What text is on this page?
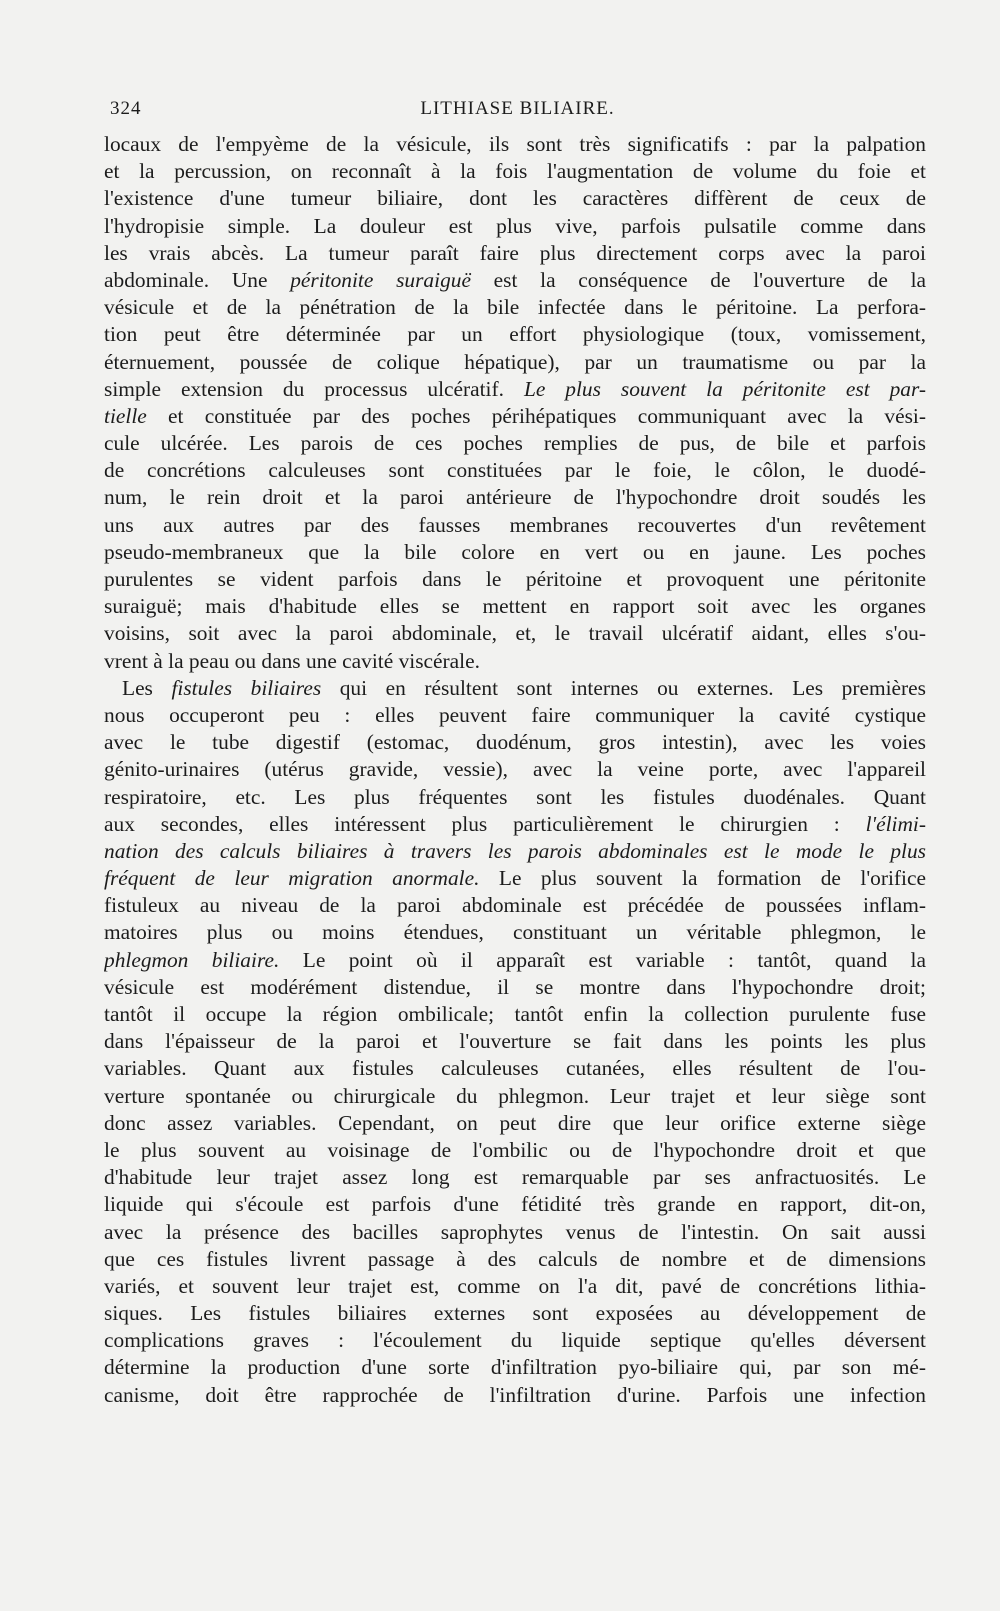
324	LITHIASE BILIAIRE.
locaux de l'empyème de la vésicule, ils sont très significatifs : par la palpation
et la percussion, on reconnaît à la fois l'augmentation de volume du foie et
l'existence d'une tumeur biliaire, dont les caractères diffèrent de ceux de
l'hydropisie simple. La douleur est plus vive, parfois pulsatile comme dans
les vrais abcès. La tumeur paraît faire plus directement corps avec la paroi
abdominale. Une péritonite suraiguë est la conséquence de l'ouverture de la
vésicule et de la pénétration de la bile infectée dans le péritoine. La perfora-
tion peut être déterminée par un effort physiologique (toux, vomissement,
éternuement, poussée de colique hépatique), par un traumatisme ou par la
simple extension du processus ulcératif. Le plus souvent la péritonite est par-
tielle et constituée par des poches périhépatiques communiquant avec la vési-
cule ulcérée. Les parois de ces poches remplies de pus, de bile et parfois
de concrétions calculeuses sont constituées par le foie, le côlon, le duodé-
num, le rein droit et la paroi antérieure de l'hypochondre droit soudés les
uns aux autres par des fausses membranes recouvertes d'un revêtement
pseudo-membraneux que la bile colore en vert ou en jaune. Les poches
purulentes se vident parfois dans le péritoine et provoquent une péritonite
suraiguë; mais d'habitude elles se mettent en rapport soit avec les organes
voisins, soit avec la paroi abdominale, et, le travail ulcératif aidant, elles s'ou-
vrent à la peau ou dans une cavité viscérale.
Les fistules biliaires qui en résultent sont internes ou externes. Les premières
nous occuperont peu : elles peuvent faire communiquer la cavité cystique
avec le tube digestif (estomac, duodénum, gros intestin), avec les voies
génito-urinaires (utérus gravide, vessie), avec la veine porte, avec l'appareil
respiratoire, etc. Les plus fréquentes sont les fistules duodénales. Quant
aux secondes, elles intéressent plus particulièrement le chirurgien : l'élimi-
nation des calculs biliaires à travers les parois abdominales est le mode le plus
fréquent de leur migration anormale. Le plus souvent la formation de l'orifice
fistuleux au niveau de la paroi abdominale est précédée de poussées inflam-
matoires plus ou moins étendues, constituant un véritable phlegmon, le
phlegmon biliaire. Le point où il apparaît est variable : tantôt, quand la
vésicule est modérément distendue, il se montre dans l'hypochondre droit;
tantôt il occupe la région ombilicale; tantôt enfin la collection purulente fuse
dans l'épaisseur de la paroi et l'ouverture se fait dans les points les plus
variables. Quant aux fistules calculeuses cutanées, elles résultent de l'ou-
verture spontanée ou chirurgicale du phlegmon. Leur trajet et leur siège sont
donc assez variables. Cependant, on peut dire que leur orifice externe siège
le plus souvent au voisinage de l'ombilic ou de l'hypochondre droit et que
d'habitude leur trajet assez long est remarquable par ses anfractuosités. Le
liquide qui s'écoule est parfois d'une fétidité très grande en rapport, dit-on,
avec la présence des bacilles saprophytes venus de l'intestin. On sait aussi
que ces fistules livrent passage à des calculs de nombre et de dimensions
variés, et souvent leur trajet est, comme on l'a dit, pavé de concrétions lithia-
siques. Les fistules biliaires externes sont exposées au développement de
complications graves : l'écoulement du liquide septique qu'elles déversent
détermine la production d'une sorte d'infiltration pyo-biliaire qui, par son mé-
canisme, doit être rapprochée de l'infiltration d'urine. Parfois une infection
